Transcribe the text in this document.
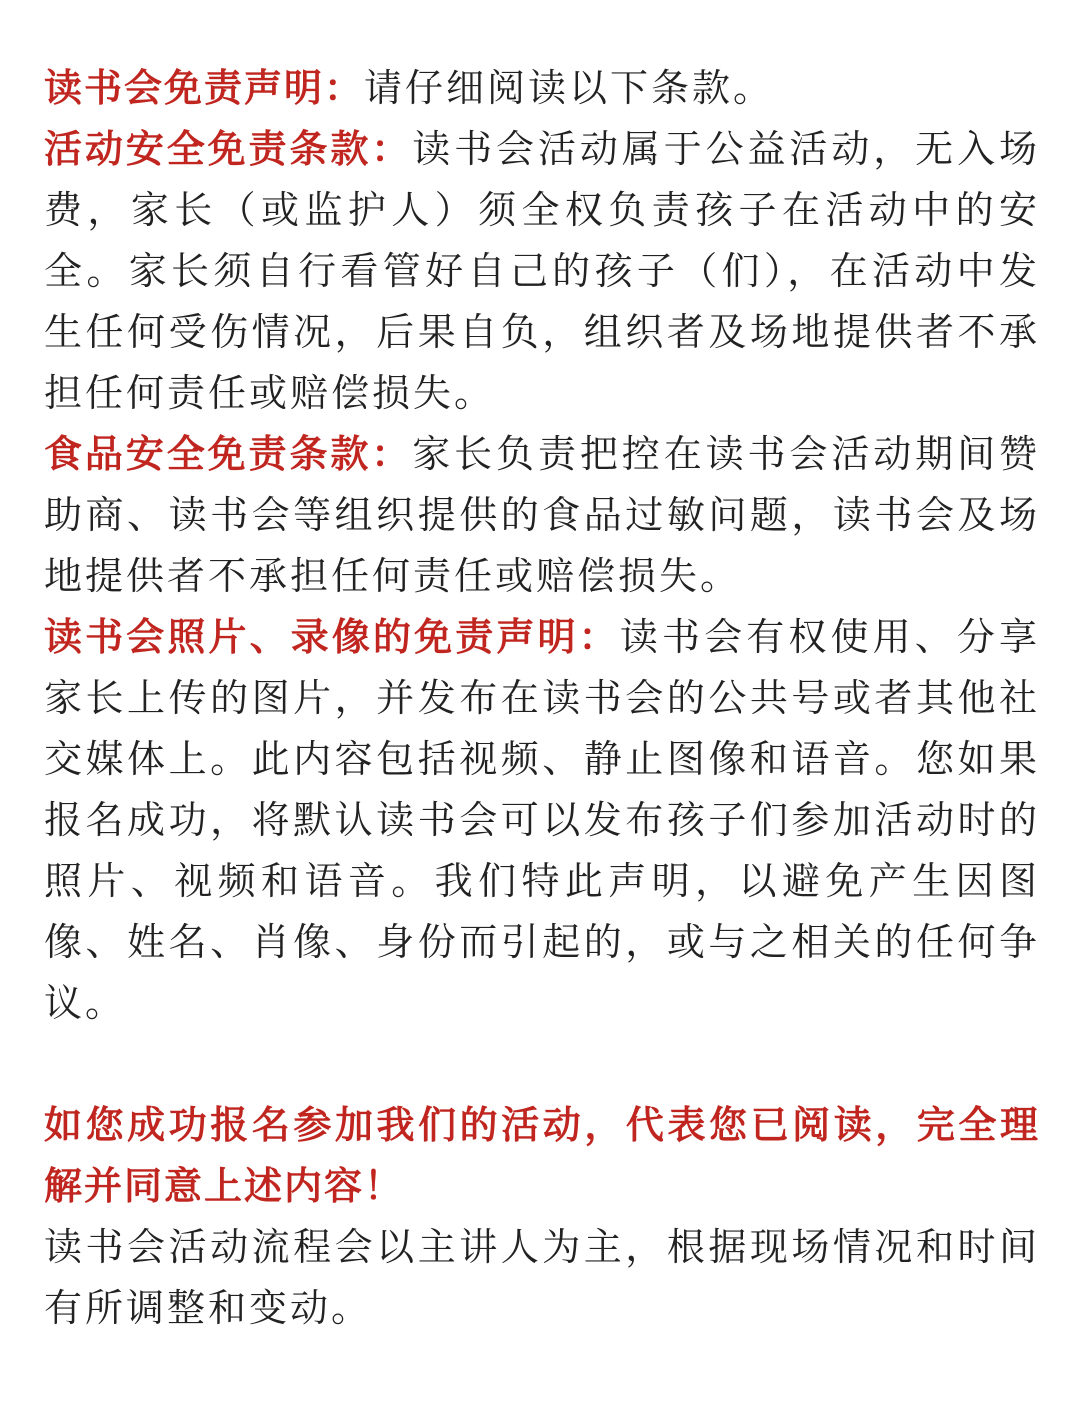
读书会免责声明：请仔细阅读以下条款。

活动安全免责条款：读书会活动属于公益活动，无入场费，家长（或监护人）须全权负责孩子在活动中的安全。家长须自行看管好自己的孩子（们），在活动中发生任何受伤情况，后果自负，组织者及场地提供者不承担任何责任或赔偿损失。

食品安全免责条款：家长负责把控在读书会活动期间赞助商、读书会等组织提供的食品过敏问题，读书会及场地提供者不承担任何责任或赔偿损失。

读书会照片、录像的免责声明：读书会有权使用、分享家长上传的图片，并发布在读书会的公共号或者其他社交媒体上。此内容包括视频、静止图像和语音。您如果报名成功，将默认读书会可以发布孩子们参加活动时的照片、视频和语音。我们特此声明，以避免产生因图像、姓名、肖像、身份而引起的，或与之相关的任何争议。

如您成功报名参加我们的活动，代表您已阅读，完全理解并同意上述内容！

读书会活动流程会以主讲人为主，根据现场情况和时间有所调整和变动。
